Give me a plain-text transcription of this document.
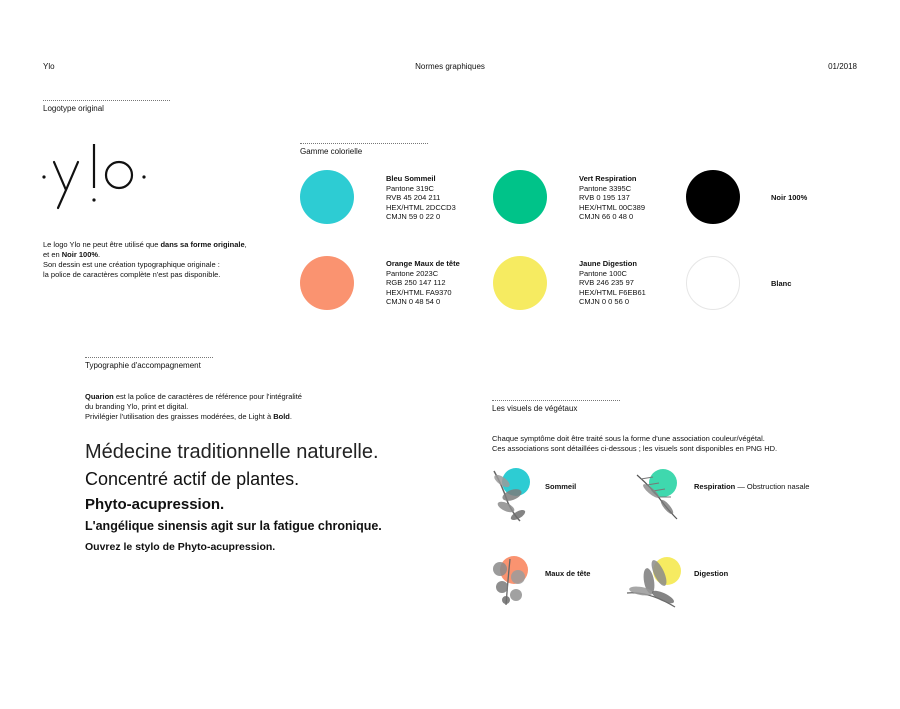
Ylo	Normes graphiques	01/2018
Logotype original
Le logo Ylo ne peut être utilisé que dans sa forme originale, et en Noir 100%.
Son dessin est une création typographique originale :
la police de caractères complète n'est pas disponible.
Gamme colorielle
Bleu Sommeil
Pantone 319C
RVB 45 204 211
HEX/HTML 2DCCD3
CMJN 59 0 22 0
Vert Respiration
Pantone 3395C
RVB 0 195 137
HEX/HTML 00C389
CMJN 66 0 48 0
Noir 100%
Orange Maux de tête
Pantone 2023C
RGB 250 147 112
HEX/HTML FA9370
CMJN 0 48 54 0
Jaune Digestion
Pantone 100C
RVB 246 235 97
HEX/HTML F6EB61
CMJN 0 0 56 0
Blanc
Typographie d'accompagnement
Quarion est la police de caractères de référence pour l'intégralité
du branding Ylo, print et digital.
Privilégier l'utilisation des graisses modérées, de Light à Bold.
Médecine traditionnelle naturelle.
Concentré actif de plantes.
Phyto-acupression.
L'angélique sinensis agit sur la fatigue chronique.
Ouvrez le stylo de Phyto-acupression.
Les visuels de végétaux
Chaque symptôme doit être traité sous la forme d'une association couleur/végétal.
Ces associations sont détaillées ci-dessous ; les visuels sont disponibles en PNG HD.
Sommeil	Respiration — Obstruction nasale
Maux de tête	Digestion
